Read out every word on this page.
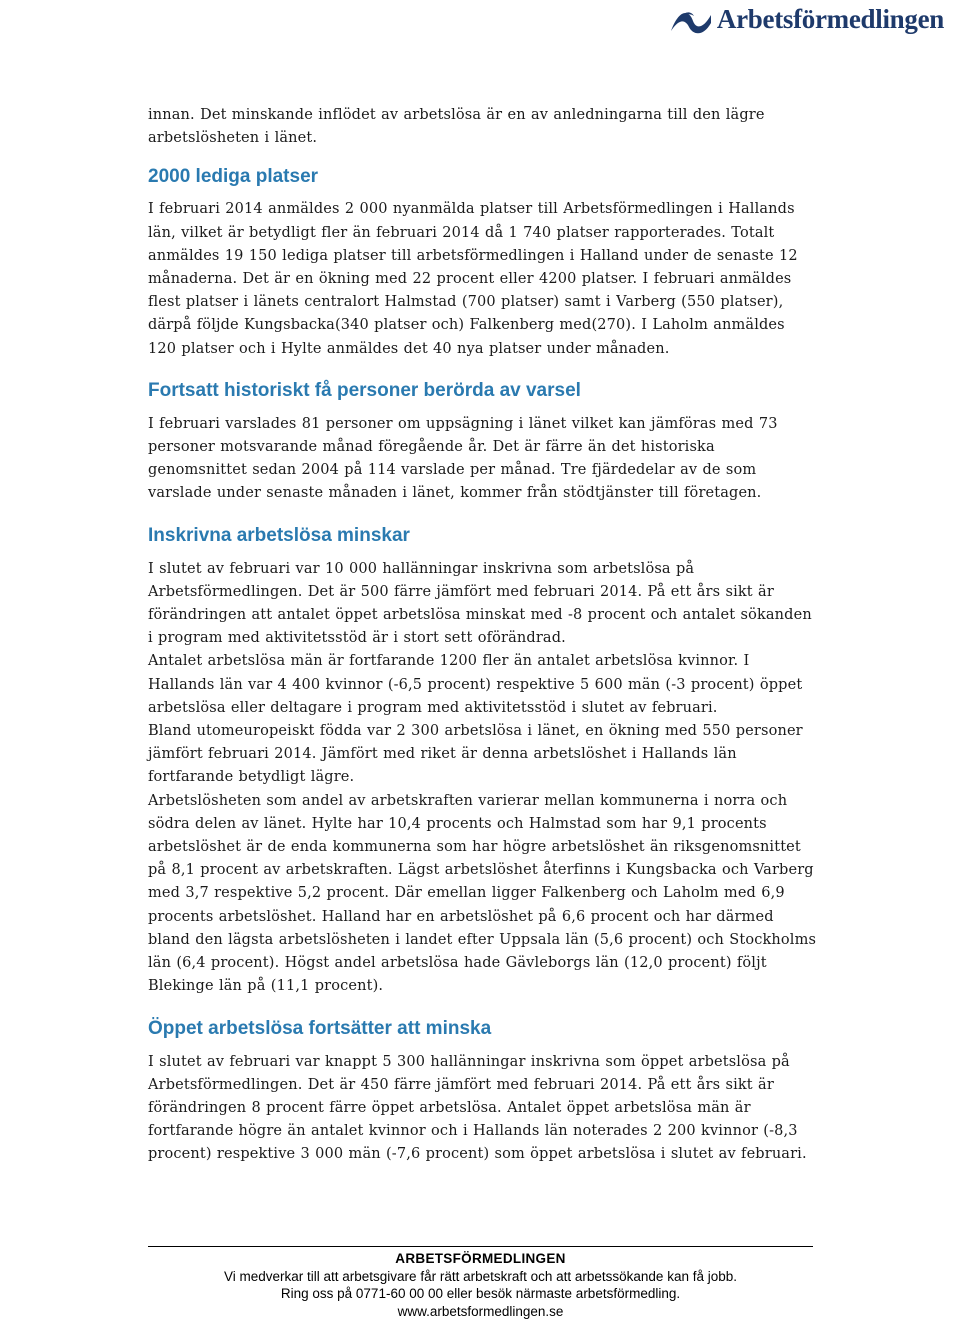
Arbetsförmedlingen

innan. Det minskande inflödet av arbetslösa är en av anledningarna till den lägre arbetslösheten i länet.

2000 lediga platser

I februari 2014 anmäldes 2 000 nyanmälda platser till Arbetsförmedlingen i Hallands län, vilket är betydligt fler än februari 2014 då 1 740 platser rapporterades. Totalt anmäldes 19 150 lediga platser till arbetsförmedlingen i Halland under de senaste 12 månaderna. Det är en ökning med 22 procent eller 4200 platser. I februari anmäldes flest platser i länets centralort Halmstad (700 platser) samt i Varberg (550 platser), därpå följde Kungsbacka(340 platser och) Falkenberg med(270). I Laholm anmäldes 120 platser och i Hylte anmäldes det 40 nya platser under månaden.

Fortsatt historiskt få personer berörda av varsel

I februari varslades 81 personer om uppsägning i länet vilket kan jämföras med 73 personer motsvarande månad föregående år. Det är färre än det historiska genomsnittet sedan 2004 på 114 varslade per månad. Tre fjärdedelar av de som varslade under senaste månaden i länet, kommer från stödtjänster till företagen.

Inskrivna arbetslösa minskar

I slutet av februari var 10 000 hallänningar inskrivna som arbetslösa på Arbetsförmedlingen. Det är 500 färre jämfört med februari 2014. På ett års sikt är förändringen att antalet öppet arbetslösa minskat med -8 procent och antalet sökanden i program med aktivitetsstöd är i stort sett oförändrad.

Antalet arbetslösa män är fortfarande 1200 fler än antalet arbetslösa kvinnor. I Hallands län var 4 400 kvinnor (-6,5 procent) respektive 5 600 män (-3 procent) öppet arbetslösa eller deltagare i program med aktivitetsstöd i slutet av februari.

Bland utomeuropeiskt födda var 2 300 arbetslösa i länet, en ökning med 550 personer jämfört februari 2014. Jämfört med riket är denna arbetslöshet i Hallands län fortfarande betydligt lägre.

Arbetslösheten som andel av arbetskraften varierar mellan kommunerna i norra och södra delen av länet. Hylte har 10,4 procents och Halmstad som har 9,1 procents arbetslöshet är de enda kommunerna som har högre arbetslöshet än riksgenomsnittet på 8,1 procent av arbetskraften. Lägst arbetslöshet återfinns i Kungsbacka och Varberg med 3,7 respektive 5,2 procent. Där emellan ligger Falkenberg och Laholm med 6,9 procents arbetslöshet. Halland har en arbetslöshet på 6,6 procent och har därmed bland den lägsta arbetslösheten i landet efter Uppsala län (5,6 procent) och Stockholms län (6,4 procent). Högst andel arbetslösa hade Gävleborgs län (12,0 procent) följt Blekinge län på (11,1 procent).

Öppet arbetslösa fortsätter att minska

I slutet av februari var knappt 5 300 hallänningar inskrivna som öppet arbetslösa på Arbetsförmedlingen. Det är 450 färre jämfört med februari 2014. På ett års sikt är förändringen 8 procent färre öppet arbetslösa. Antalet öppet arbetslösa män är fortfarande högre än antalet kvinnor och i Hallands län noterades 2 200 kvinnor (-8,3 procent) respektive 3 000 män (-7,6 procent) som öppet arbetslösa i slutet av februari.

ARBETSFÖRMEDLINGEN
Vi medverkar till att arbetsgivare får rätt arbetskraft och att arbetssökande kan få jobb.
Ring oss på 0771-60 00 00 eller besök närmaste arbetsförmedling.
www.arbetsformedlingen.se
